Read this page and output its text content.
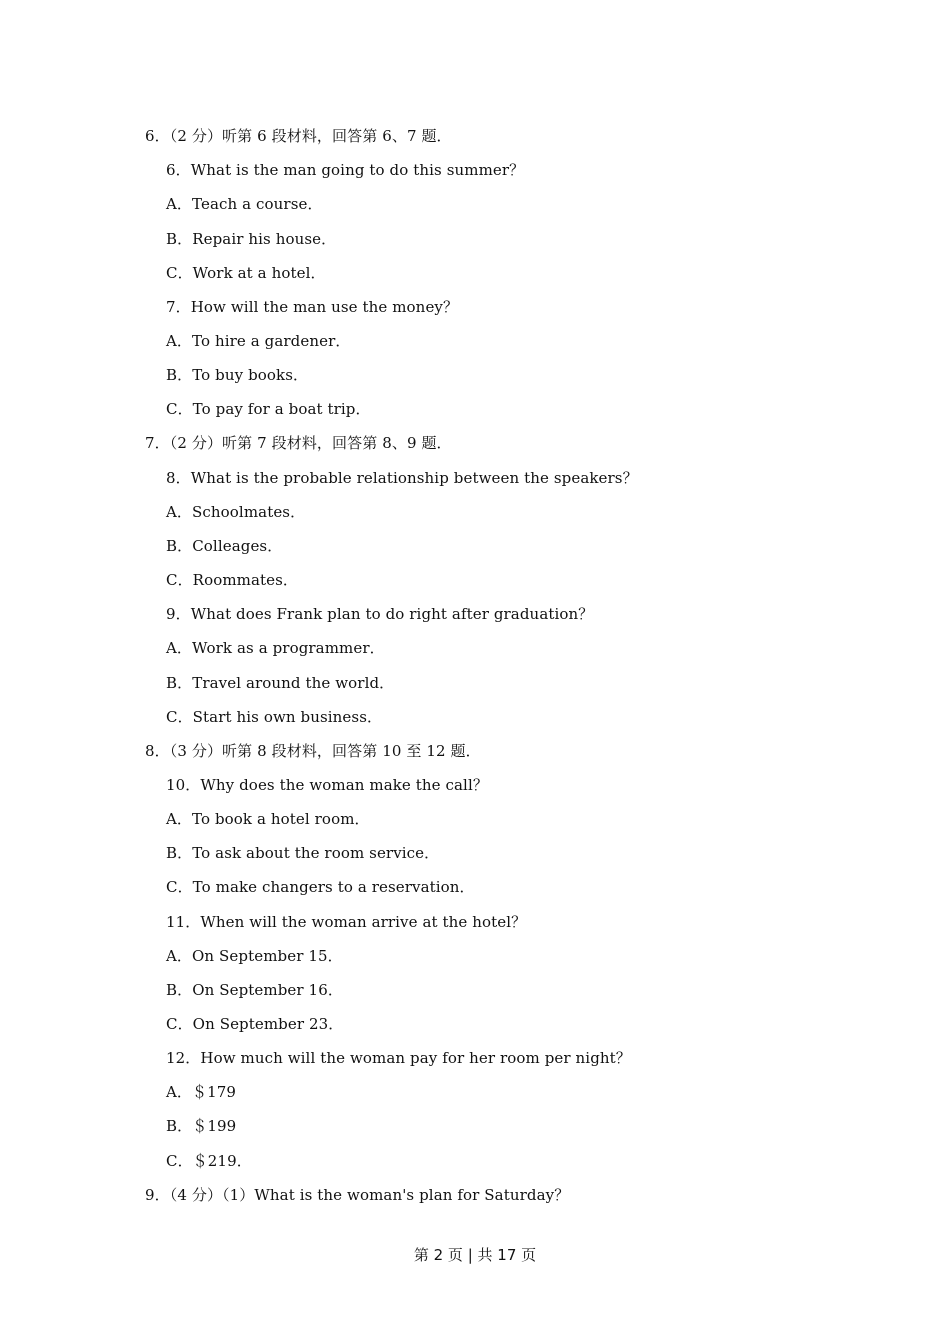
6．（2 分）听第 6 段材料，回答第 6、7 题．
6．What is the man going to do this summer？
A．Teach a course．
B．Repair his house．
C．Work at a hotel．
7．How will the man use the money？
A．To hire a gardener．
B．To buy books．
C．To pay for a boat trip．
7．（2 分）听第 7 段材料，回答第 8、9 题．
8．What is the probable relationship between the speakers？
A．Schoolmates．
B．Colleages．
C．Roommates．
9．What does Frank plan to do right after graduation？
A．Work as a programmer．
B．Travel around the world．
C．Start his own business．
8．（3 分）听第 8 段材料，回答第 10 至 12 题．
10．Why does the woman make the call？
A．To book a hotel room．
B．To ask about the room service．
C．To make changers to a reservation．
11．When will the woman arrive at the hotel？
A．On September 15．
B．On September 16．
C．On September 23．
12．How much will the woman pay for her room per night？
A．＄179
B．＄199
C．＄219．
9．（4 分）（1）What is the woman's plan for Saturday？
第 2 页 | 共 17 页
